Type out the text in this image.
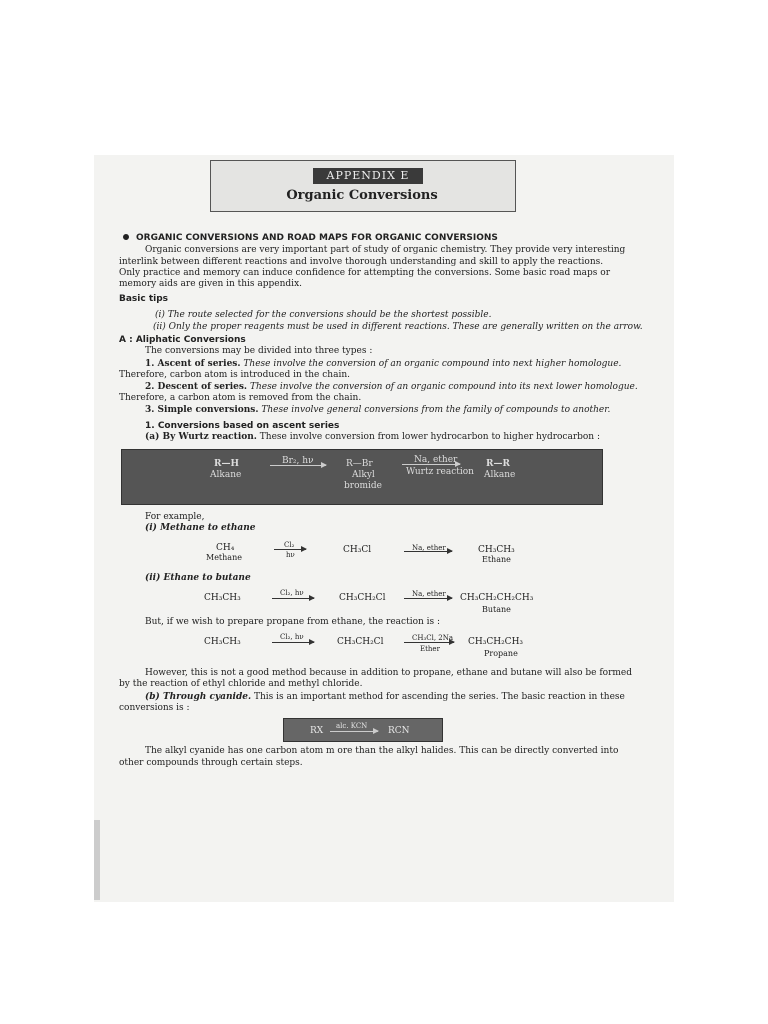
APPENDIX E
Organic Conversions
ORGANIC CONVERSIONS AND ROAD MAPS FOR ORGANIC CONVERSIONS
Organic conversions are very important part of study of organic chemistry. They provide very interesting
interlink between different reactions and involve thorough understanding and skill to apply the reactions.
Only practice and memory can induce confidence for attempting the conversions. Some basic road maps or
memory aids are given in this appendix.
Basic tips
(i) The route selected for the conversions should be the shortest possible.
(ii) Only the proper reagents must be used in different reactions. These are generally written on the arrow.
A : Aliphatic Conversions
The conversions may be divided into three types :
1. Ascent of series. These involve the conversion of an organic compound into next higher homologue.
Therefore, carbon atom is introduced in the chain.
2. Descent of series. These involve the conversion of an organic compound into its next lower homologue.
Therefore, a carbon atom is removed from the chain.
3. Simple conversions. These involve general conversions from the family of compounds to another.
1. Conversions based on ascent series
(a) By Wurtz reaction. These involve conversion from lower hydrocarbon to higher hydrocarbon :
R—H
Alkane
Br₂, hν	R—Br
Alkyl
bromide
Na, ether
Wurtz reaction
R—R
Alkane
For example,
(i) Methane to ethane
CH₄
Methane
Cl₂
hν	CH₃Cl	Na, ether	CH₃CH₃
Ethane
(ii) Ethane to butane
CH₃CH₃	Cl₂, hν	CH₃CH₂Cl	Na, ether CH₃CH₂CH₂CH₃
Butane
But, if we wish to prepare propane from ethane, the reaction is :
CH₃CH₃	Cl₂, hν	CH₃CH₂Cl	CH₃Cl, 2Na
Ether
CH₃CH₂CH₃
Propane
However, this is not a good method because in addition to propane, ethane and butane will also be formed
by the reaction of ethyl chloride and methyl chloride.
(b) Through cyanide. This is an important method for ascending the series. The basic reaction in these
conversions is :
RX alc. KCN RCN
The alkyl cyanide has one carbon atom m ore than the alkyl halides. This can be directly converted into
other compounds through certain steps.
